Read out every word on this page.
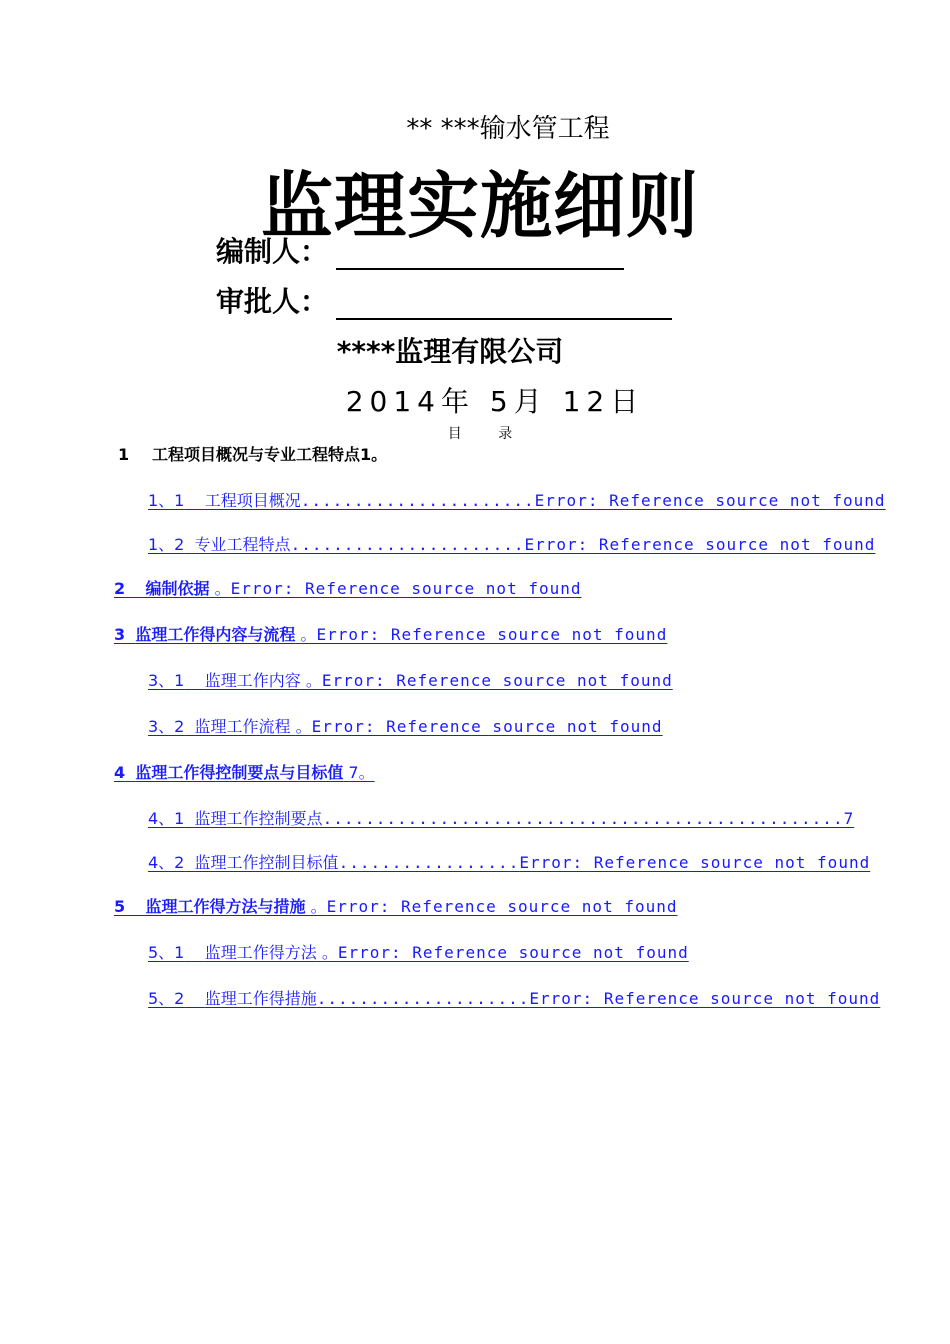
** ***输水管工程
监理实施细则
编制人：
审批人：
****监理有限公司
2014年 5月 12日
目 录
1 工程项目概况与专业工程特点1。
1、1 工程项目概况......................Error: Reference source not found
1、2 专业工程特点......................Error: Reference source not found
2 编制依据 。Error: Reference source not found
3 监理工作得内容与流程 。Error: Reference source not found
3、1 监理工作内容 。Error: Reference source not found
3、2 监理工作流程 。Error: Reference source not found
4 监理工作得控制要点与目标值 7。
4、1 监理工作控制要点.................................................7
4、2 监理工作控制目标值.................Error: Reference source not found
5 监理工作得方法与措施 。Error: Reference source not found
5、1 监理工作得方法 。Error: Reference source not found
5、2 监理工作得措施....................Error: Reference source not found
